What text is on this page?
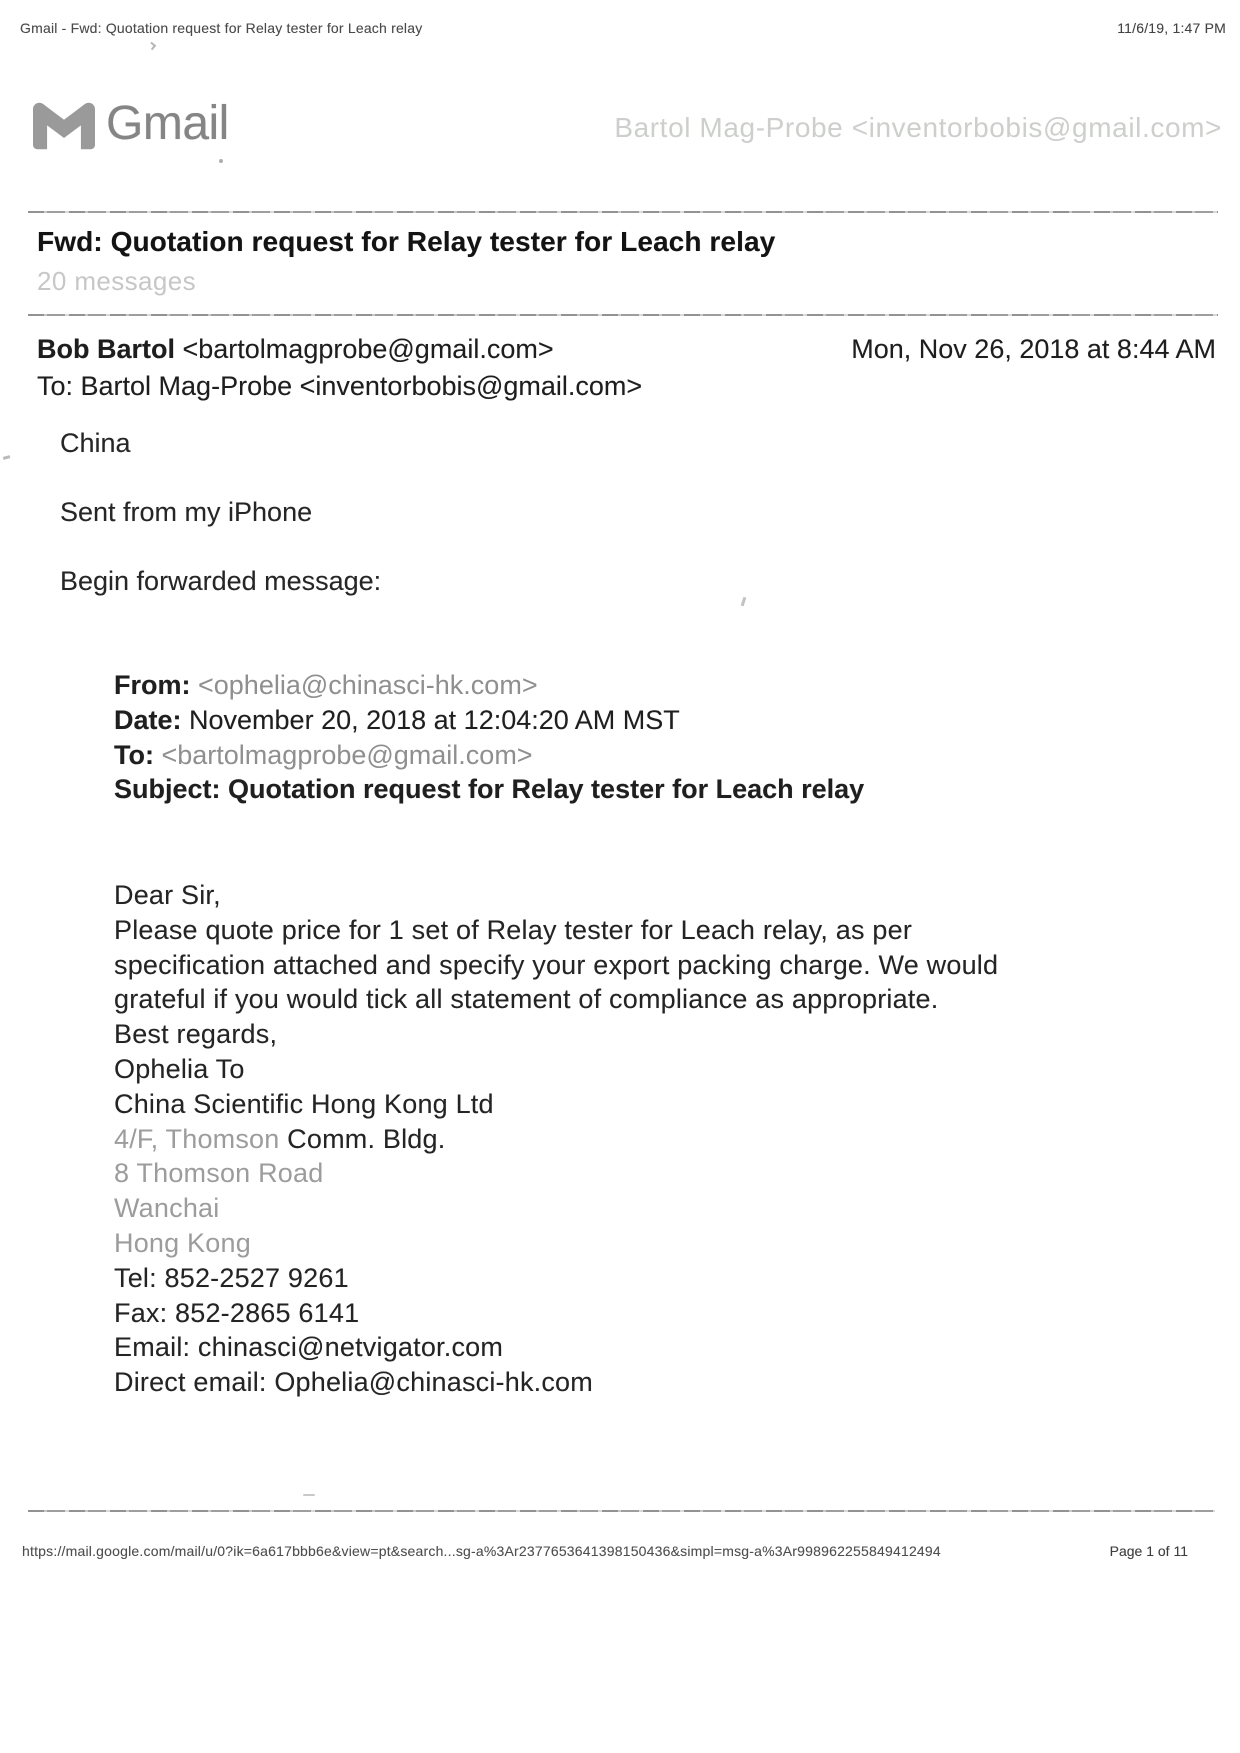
Gmail - Fwd: Quotation request for Relay tester for Leach relay	11/6/19, 1:47 PM
Gmail	Bartol Mag-Probe <inventorbobis@gmail.com>
Fwd: Quotation request for Relay tester for Leach relay
20 messages
Bob Bartol <bartolmagprobe@gmail.com>	Mon, Nov 26, 2018 at 8:44 AM
To: Bartol Mag-Probe <inventorbobis@gmail.com>
China
Sent from my iPhone
Begin forwarded message:
From: <ophelia@chinasci-hk.com>
Date: November 20, 2018 at 12:04:20 AM MST
To: <bartolmagprobe@gmail.com>
Subject: Quotation request for Relay tester for Leach relay
Dear Sir,
Please quote price for 1 set of Relay tester for Leach relay, as per
specification attached and specify your export packing charge. We would
grateful if you would tick all statement of compliance as appropriate.
Best regards,
Ophelia To
China Scientific Hong Kong Ltd
4/F, Thomson Comm. Bldg.
8 Thomson Road
Wanchai
Hong Kong
Tel: 852-2527 9261
Fax: 852-2865 6141
Email: chinasci@netvigator.com
Direct email: Ophelia@chinasci-hk.com
https://mail.google.com/mail/u/0?ik=6a617bbb6e&view=pt&search...sg-a%3Ar2377653641398150436&simpl=msg-a%3Ar998962255849412494	Page 1 of 11
